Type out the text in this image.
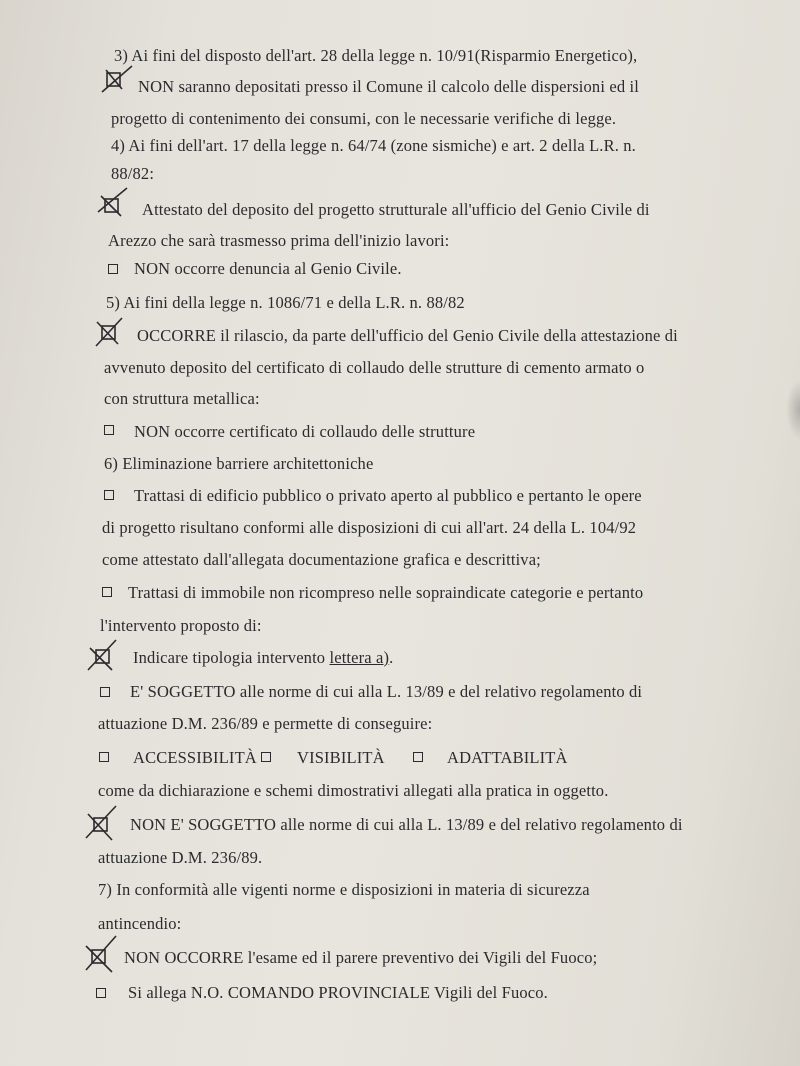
3) Ai fini del disposto dell'art. 28 della legge n. 10/91(Risparmio Energetico),
NON saranno depositati presso il Comune il calcolo delle dispersioni ed il
progetto di contenimento dei consumi, con le necessarie verifiche di legge.
4) Ai fini dell'art. 17 della legge n. 64/74 (zone sismiche) e art. 2 della L.R. n.
88/82:
Attestato del deposito del progetto strutturale all'ufficio del Genio Civile di
Arezzo che sarà trasmesso prima dell'inizio lavori:
NON occorre denuncia al Genio Civile.
5) Ai fini della legge n. 1086/71 e della L.R. n. 88/82
OCCORRE il rilascio, da parte dell'ufficio del Genio Civile della attestazione di
avvenuto deposito del certificato di collaudo delle strutture di cemento armato o
con struttura metallica:
NON occorre certificato di collaudo delle strutture
6) Eliminazione barriere architettoniche
Trattasi di edificio pubblico o privato aperto al pubblico e pertanto le opere
di progetto risultano conformi alle disposizioni di cui all'art. 24 della L. 104/92
come attestato dall'allegata documentazione grafica e descrittiva;
Trattasi di immobile non ricompreso nelle sopraindicate categorie e pertanto
l'intervento proposto di:
Indicare tipologia intervento lettera a).
E' SOGGETTO alle norme di cui alla L. 13/89 e del relativo regolamento di
attuazione D.M. 236/89 e permette di conseguire:
ACCESSIBILITÀ VISIBILITÀ	ADATTABILITÀ
come da dichiarazione e schemi dimostrativi allegati alla pratica in oggetto.
NON E' SOGGETTO alle norme di cui alla L. 13/89 e del relativo regolamento di
attuazione D.M. 236/89.
7) In conformità alle vigenti norme e disposizioni in materia di sicurezza
antincendio:
NON OCCORRE l'esame ed il parere preventivo dei Vigili del Fuoco;
Si allega N.O. COMANDO PROVINCIALE Vigili del Fuoco.
